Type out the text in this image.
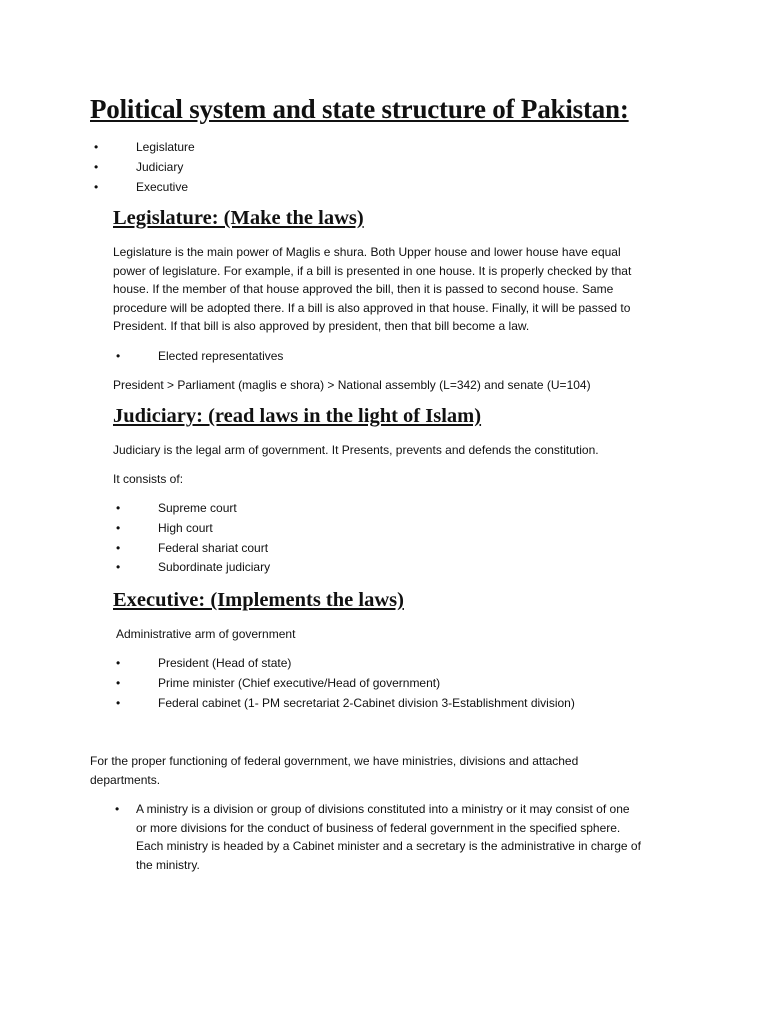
Political system and state structure of Pakistan:
• Legislature
• Judiciary
• Executive
Legislature: (Make the laws)
Legislature is the main power of Maglis e shura. Both Upper house and lower house have equal
power of legislature. For example, if a bill is presented in one house. It is properly checked by that
house. If the member of that house approved the bill, then it is passed to second house. Same
procedure will be adopted there. If a bill is also approved in that house. Finally, it will be passed to
President. If that bill is also approved by president, then that bill become a law.
• Elected representatives

President > Parliament (maglis e shora) > National assembly (L=342) and senate (U=104)

Judiciary: (read laws in the light of Islam)

Judiciary is the legal arm of government. It Presents, prevents and defends the constitution.

It consists of:

• Supreme court
• High court
• Federal shariat court
• Subordinate judiciary
Executive: (Implements the laws)

Administrative arm of government

• President (Head of state)
• Prime minister (Chief executive/Head of government)
• Federal cabinet (1- PM secretariat 2-Cabinet division 3-Establishment division)
For the proper functioning of federal government, we have ministries, divisions and attached
departments.
• A ministry is a division or group of divisions constituted into a ministry or it may consist of one
or more divisions for the conduct of business of federal government in the specified sphere.
Each ministry is headed by a Cabinet minister and a secretary is the administrative in charge of
the ministry.
